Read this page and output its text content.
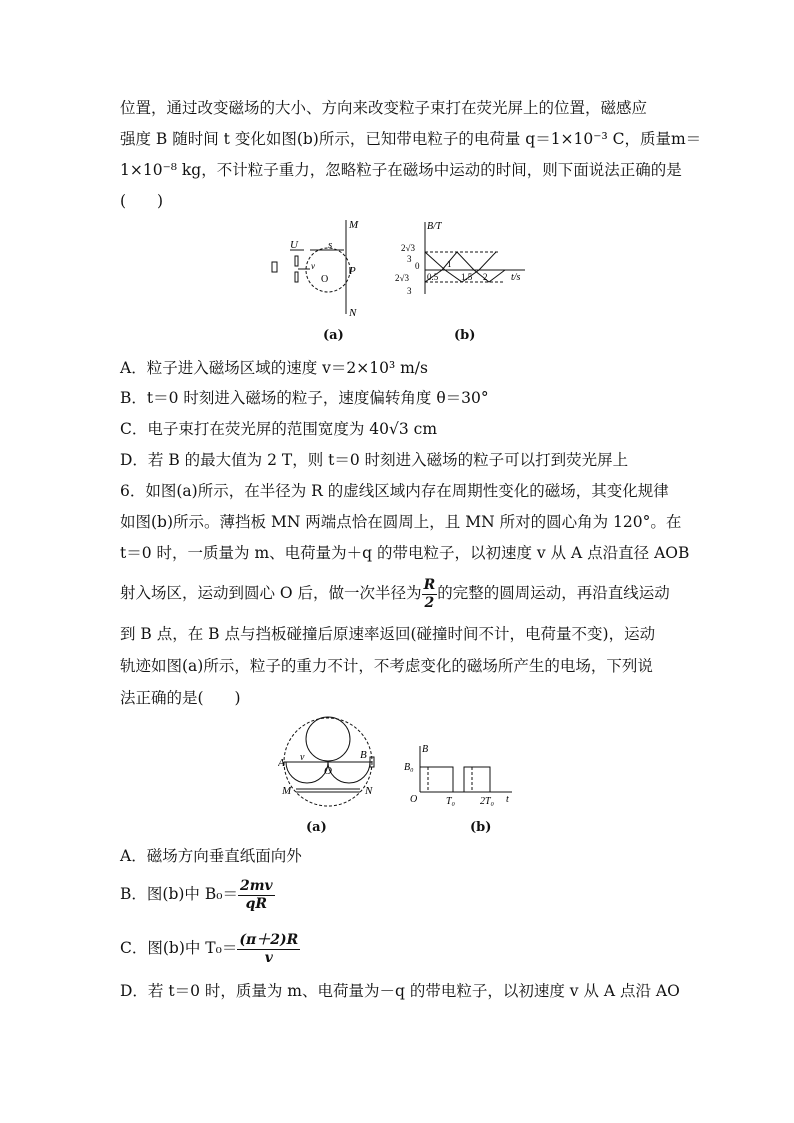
位置，通过改变磁场的大小、方向来改变粒子束打在荧光屏上的位置，磁感应
强度 B 随时间 t 变化如图(b)所示，已知带电粒子的电荷量 q＝1×10⁻³ C，质量m＝
1×10⁻⁸ kg，不计粒子重力，忽略粒子在磁场中运动的时间，则下面说法正确的是
(　　)
M
N
P
U	s
O
v
(a)
B/T
t/s
2√3
3
0
2√3
3
0.5
1
1.5 2
(b)
A．粒子进入磁场区域的速度 v＝2×10³ m/s
B．t＝0 时刻进入磁场的粒子，速度偏转角度 θ＝30°
C．电子束打在荧光屏的范围宽度为 40√3 cm
D．若 B 的最大值为 2 T，则 t＝0 时刻进入磁场的粒子可以打到荧光屏上
6．如图(a)所示，在半径为 R 的虚线区域内存在周期性变化的磁场，其变化规律
如图(b)所示。薄挡板 MN 两端点恰在圆周上，且 MN 所对的圆心角为 120°。在
t＝0 时，一质量为 m、电荷量为＋q 的带电粒子，以初速度 v 从 A 点沿直径 AOB
射入场区，运动到圆心 O 后，做一次半径为 $\frac{R}{2}$ 的完整的圆周运动，再沿直线运动
到 B 点，在 B 点与挡板碰撞后原速率返回(碰撞时间不计，电荷量不变)，运动
轨迹如图(a)所示，粒子的重力不计，不考虑变化的磁场所产生的电场，下列说
法正确的是(　　)
A
B
O
M	N
v
(a)
B
t
B₀
O	T₀ 2T₀
(b)
A．磁场方向垂直纸面向外
B．图(b)中 $B_0= \frac{2mv}{qR}$
C．图(b)中 $T_0= \frac{(\pi+2)R}{v}$
D．若 t＝0 时，质量为 m、电荷量为－q 的带电粒子，以初速度 v 从 A 点沿 AO
